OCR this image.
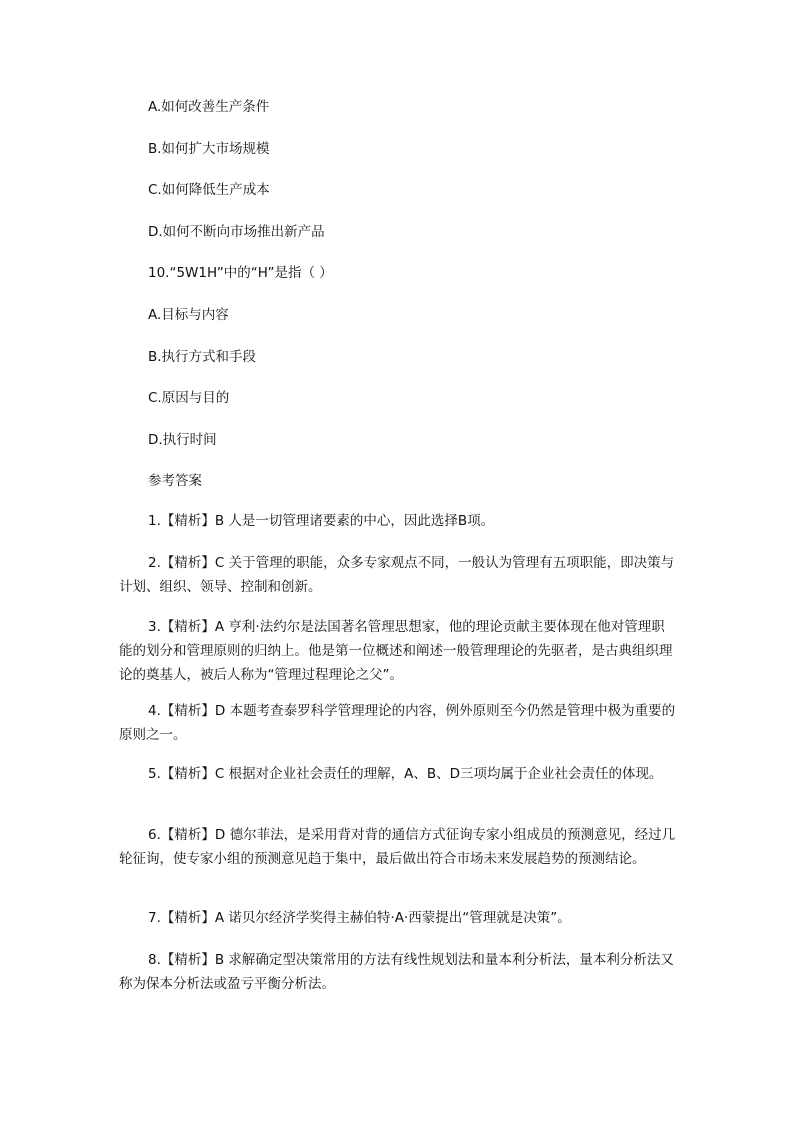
A.如何改善生产条件
B.如何扩大市场规模
C.如何降低生产成本
D.如何不断向市场推出新产品
10.“5W1H”中的“H”是指（ ）
A.目标与内容
B.执行方式和手段
C.原因与目的
D.执行时间
参考答案
1.【精析】B 人是一切管理诸要素的中心，因此选择B项。
2.【精析】C 关于管理的职能，众多专家观点不同，一般认为管理有五项职能，即决策与计划、组织、领导、控制和创新。
3.【精析】A 亨利·法约尔是法国著名管理思想家，他的理论贡献主要体现在他对管理职能的划分和管理原则的归纳上。他是第一位概述和阐述一般管理理论的先驱者，是古典组织理论的奠基人，被后人称为“管理过程理论之父”。
4.【精析】D 本题考查泰罗科学管理理论的内容，例外原则至今仍然是管理中极为重要的原则之一。
5.【精析】C 根据对企业社会责任的理解，A、B、D三项均属于企业社会责任的体现。
6.【精析】D 德尔菲法，是采用背对背的通信方式征询专家小组成员的预测意见，经过几轮征询，使专家小组的预测意见趋于集中，最后做出符合市场未来发展趋势的预测结论。
7.【精析】A 诺贝尔经济学奖得主赫伯特·A·西蒙提出“管理就是决策”。
8.【精析】B 求解确定型决策常用的方法有线性规划法和量本利分析法，量本利分析法又称为保本分析法或盈亏平衡分析法。
